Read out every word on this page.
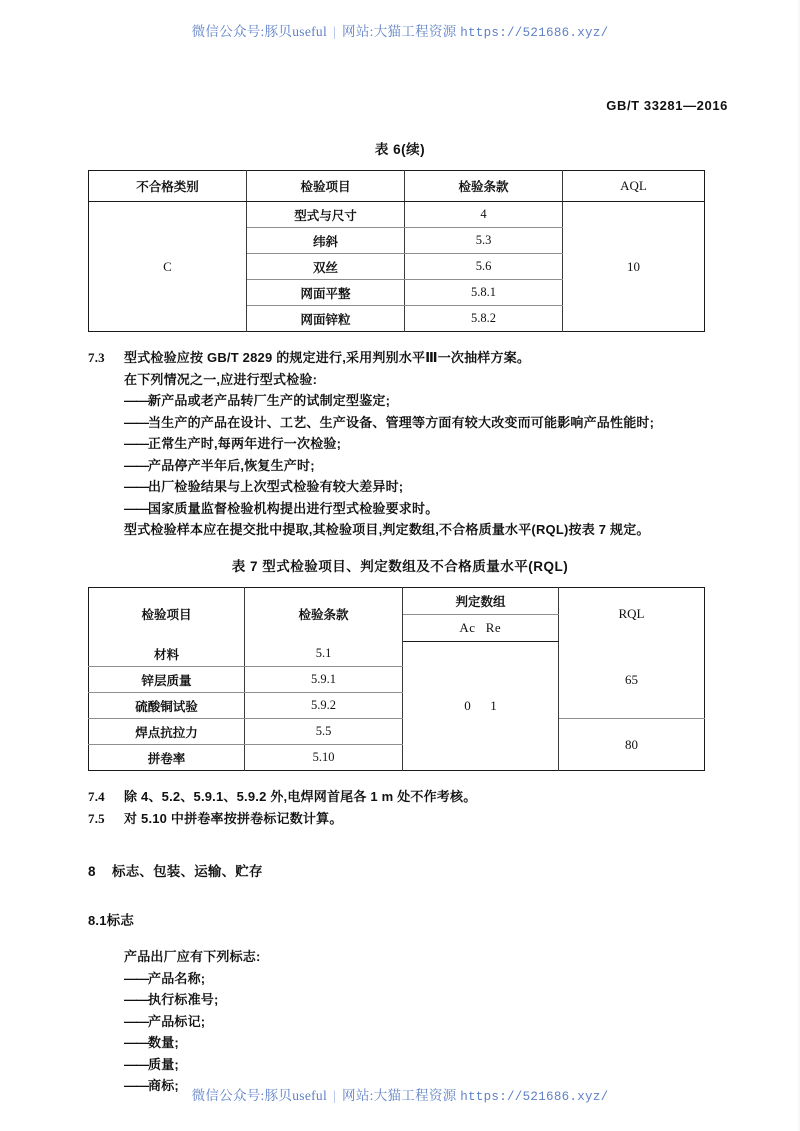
微信公众号:豚贝useful | 网站:大猫工程资源 https://521686.xyz/
GB/T 33281—2016
表 6(续)
不合格类别	检验项目	检验条款	AQL
C	型式与尺寸	4	10
	纬斜	5.3	
	双丝	5.6	
	网面平整	5.8.1	
	网面锌粒	5.8.2	
7.3	型式检验应按 GB/T 2829 的规定进行,采用判别水平Ⅲ一次抽样方案。
在下列情况之一,应进行型式检验:
——新产品或老产品转厂生产的试制定型鉴定;
——当生产的产品在设计、工艺、生产设备、管理等方面有较大改变而可能影响产品性能时;
——正常生产时,每两年进行一次检验;
——产品停产半年后,恢复生产时;
——出厂检验结果与上次型式检验有较大差异时;
——国家质量监督检验机构提出进行型式检验要求时。
型式检验样本应在提交批中提取,其检验项目,判定数组,不合格质量水平(RQL)按表 7 规定。
表 7 型式检验项目、判定数组及不合格质量水平(RQL)
检验项目	检验条款	判定数组	RQL
		Ac Re	
材料	5.1	0 1	65
锌层质量	5.9.1		
硫酸铜试验	5.9.2		
焊点抗拉力	5.5		80
拼卷率	5.10		
7.4	除 4、5.2、5.9.1、5.9.2 外,电焊网首尾各 1 m 处不作考核。
7.5	对 5.10 中拼卷率按拼卷标记数计算。
8 标志、包装、运输、贮存
8.1标志
产品出厂应有下列标志:
——产品名称;
——执行标准号;
——产品标记;
——数量;
——质量;
——商标;
微信公众号:豚贝useful | 网站:大猫工程资源 https://521686.xyz/
